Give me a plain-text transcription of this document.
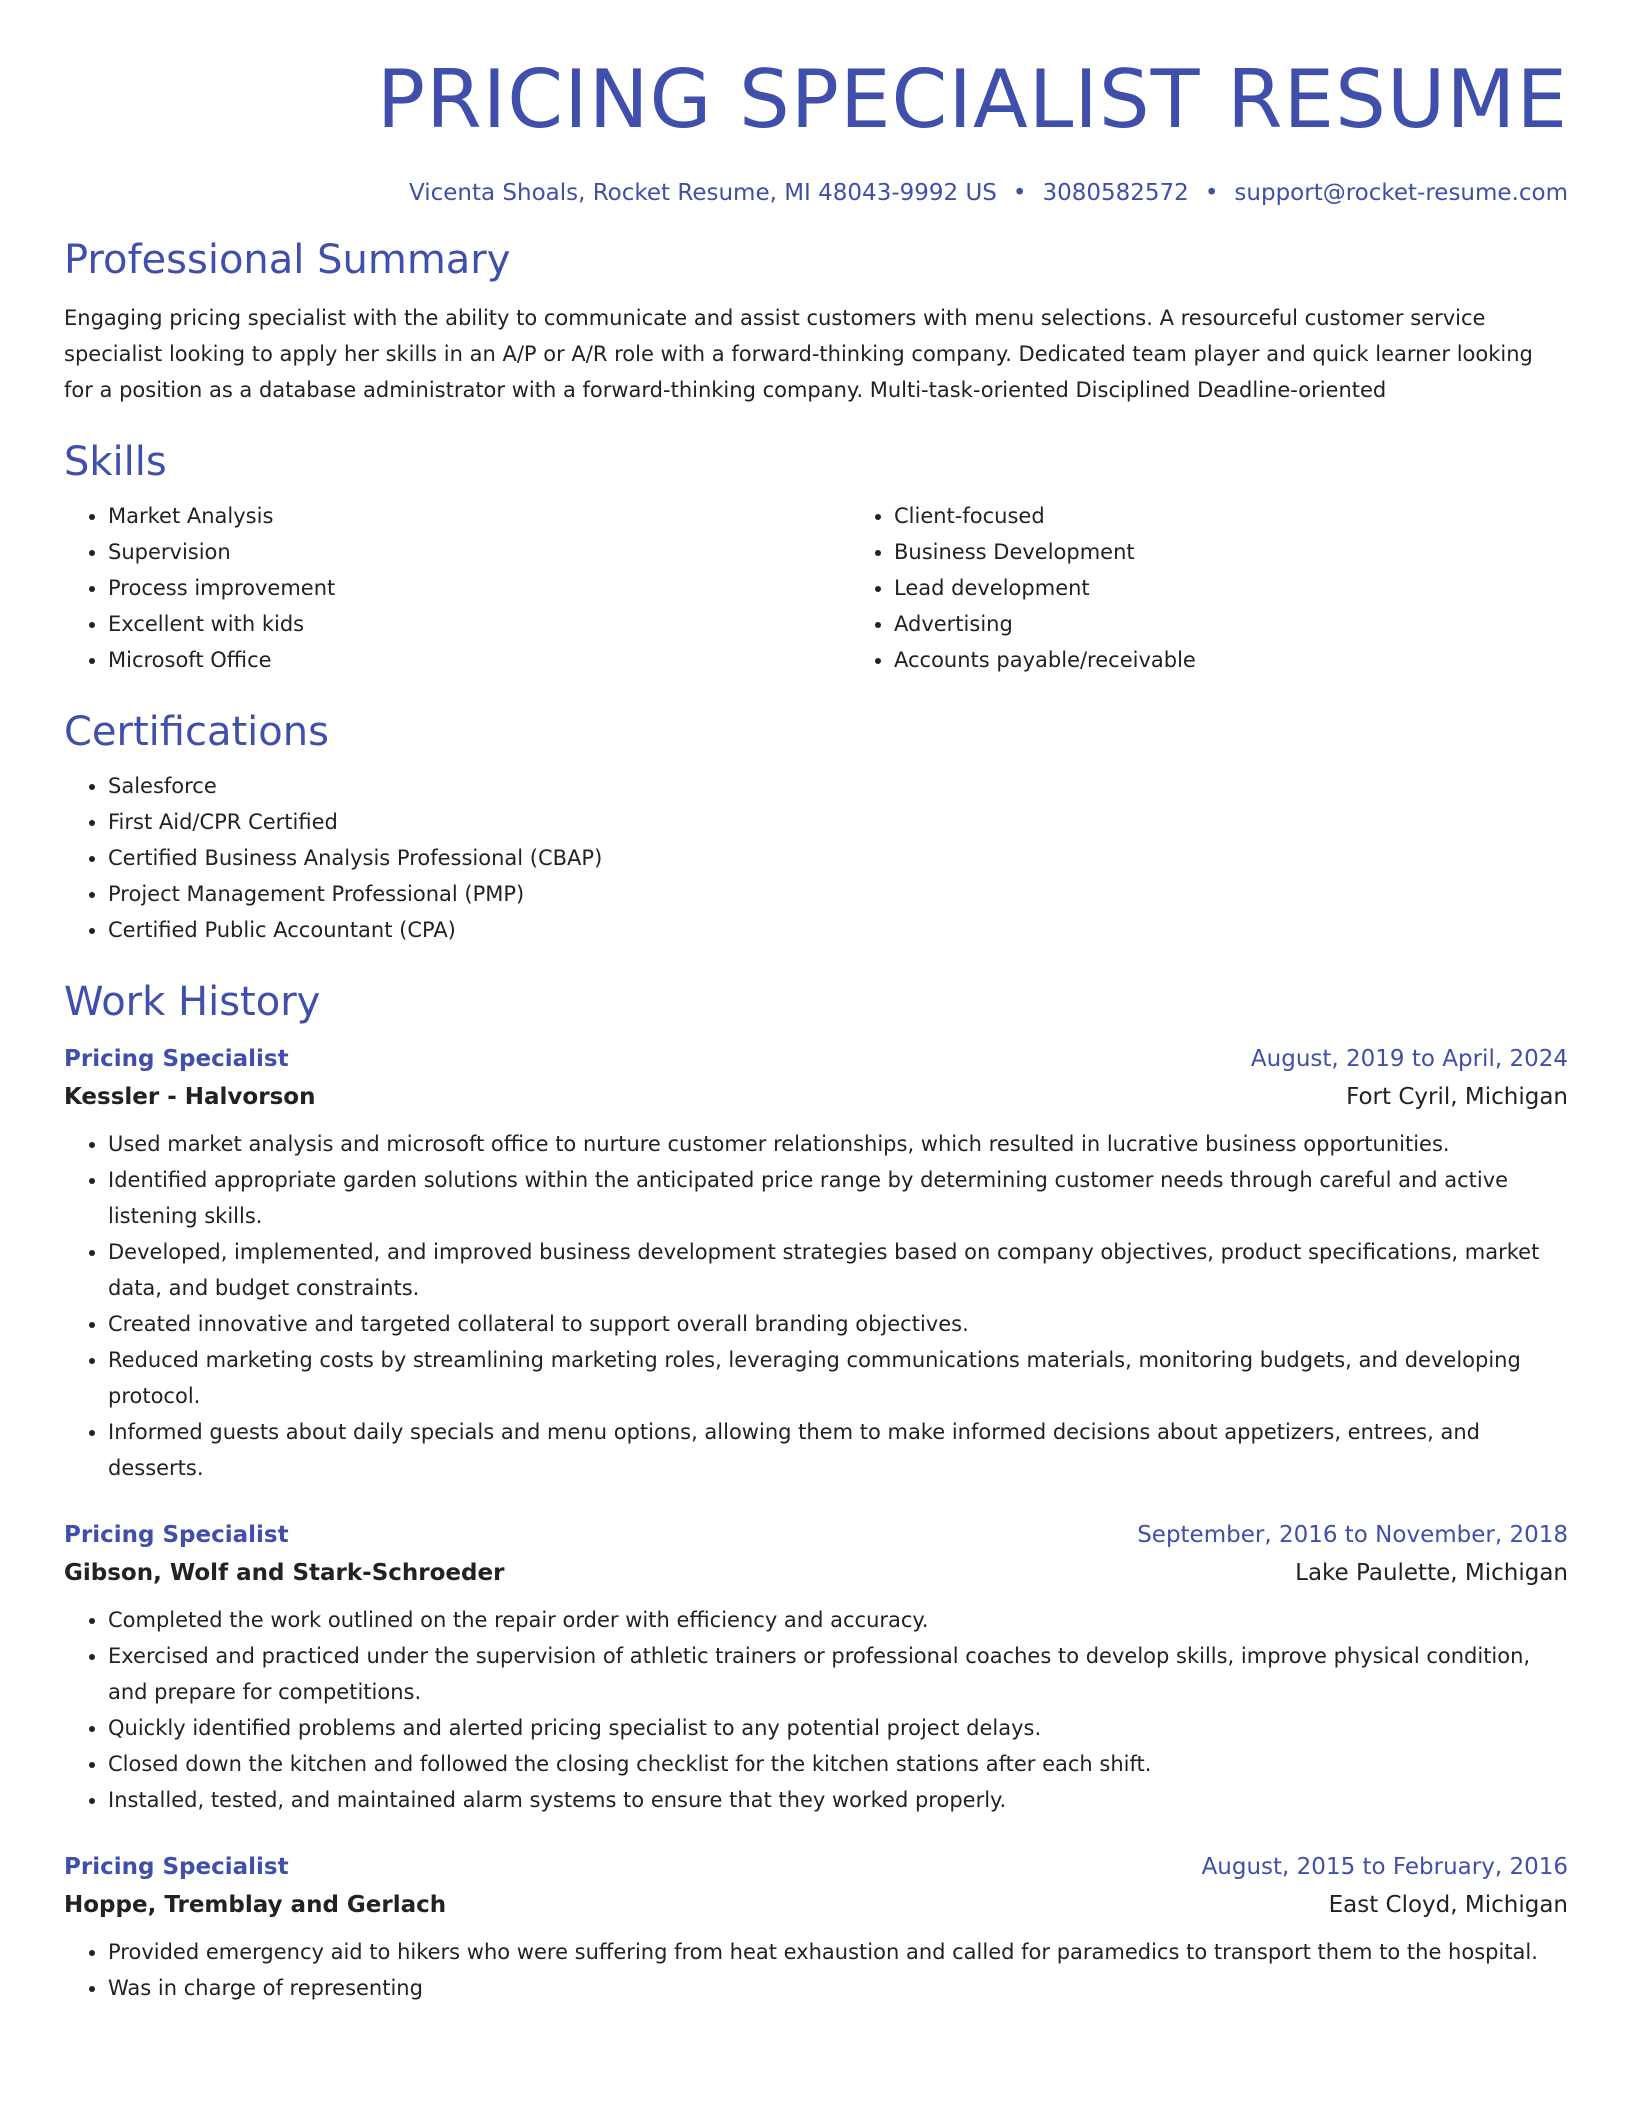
PRICING SPECIALIST RESUME
Vicenta Shoals, Rocket Resume, MI 48043-9992 US • 3080582572 • support@rocket-resume.com
Professional Summary

Engaging pricing specialist with the ability to communicate and assist customers with menu selections. A resourceful customer service specialist looking to apply her skills in an A/P or A/R role with a forward-thinking company. Dedicated team player and quick learner looking for a position as a database administrator with a forward-thinking company. Multi-task-oriented Disciplined Deadline-oriented

Skills
• Market Analysis
• Supervision
• Process improvement
• Excellent with kids
• Microsoft Office
• Client-focused
• Business Development
• Lead development
• Advertising
• Accounts payable/receivable
Certifications
• Salesforce
• First Aid/CPR Certified
• Certified Business Analysis Professional (CBAP)
• Project Management Professional (PMP)
• Certified Public Accountant (CPA)
Work History
Pricing Specialist	August, 2019 to April, 2024
Kessler - Halvorson	Fort Cyril, Michigan
• Used market analysis and microsoft office to nurture customer relationships, which resulted in lucrative business opportunities.
• Identified appropriate garden solutions within the anticipated price range by determining customer needs through careful and active listening skills.
• Developed, implemented, and improved business development strategies based on company objectives, product specifications, market data, and budget constraints.
• Created innovative and targeted collateral to support overall branding objectives.
• Reduced marketing costs by streamlining marketing roles, leveraging communications materials, monitoring budgets, and developing protocol.
• Informed guests about daily specials and menu options, allowing them to make informed decisions about appetizers, entrees, and desserts.
Pricing Specialist	September, 2016 to November, 2018
Gibson, Wolf and Stark-Schroeder	Lake Paulette, Michigan
• Completed the work outlined on the repair order with efficiency and accuracy.
• Exercised and practiced under the supervision of athletic trainers or professional coaches to develop skills, improve physical condition, and prepare for competitions.
• Quickly identified problems and alerted pricing specialist to any potential project delays.
• Closed down the kitchen and followed the closing checklist for the kitchen stations after each shift.
• Installed, tested, and maintained alarm systems to ensure that they worked properly.
Pricing Specialist	August, 2015 to February, 2016
Hoppe, Tremblay and Gerlach	East Cloyd, Michigan
• Provided emergency aid to hikers who were suffering from heat exhaustion and called for paramedics to transport them to the hospital.
• Was in charge of representing
